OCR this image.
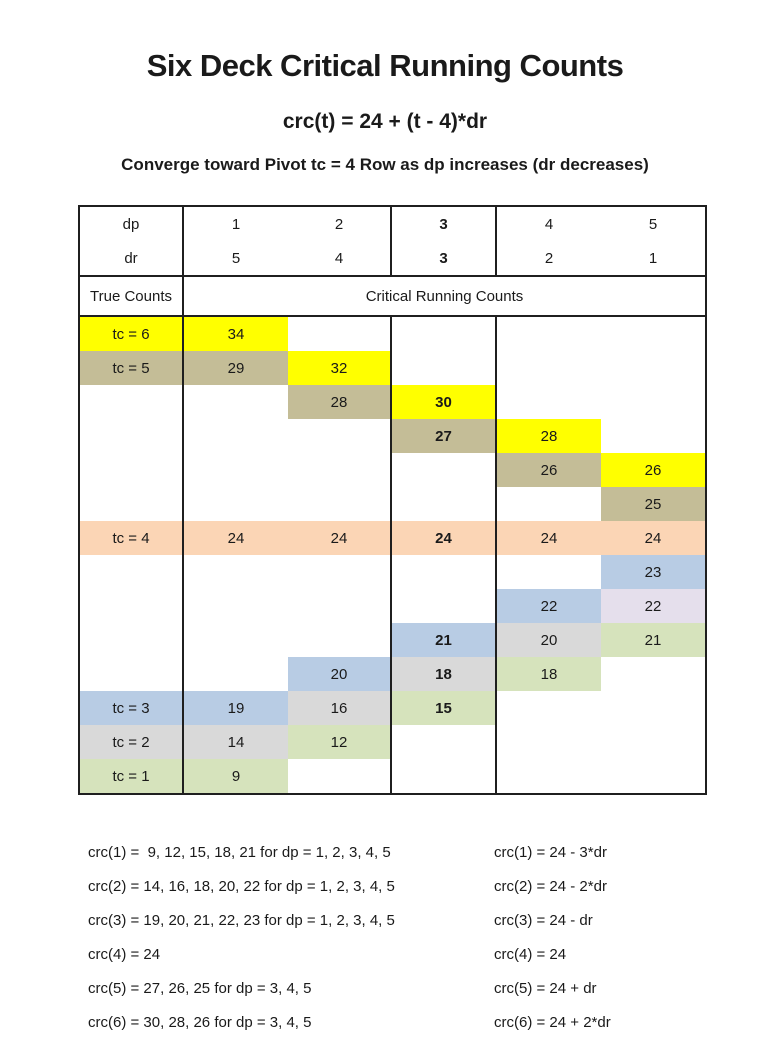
Six Deck Critical Running Counts
crc(t) = 24 + (t - 4)*dr
Converge toward Pivot tc = 4 Row as dp increases (dr decreases)
dp	1	2	3	4	5
dr	5	4	3	2	1
True Counts	Critical Running Counts				
tc = 6	34				
tc = 5	29	32			
		28	30		
			27	28	
				26	26
					25
tc = 4	24	24	24	24	24
					23
				22	22
			21	20	21
		20	18	18	
tc = 3	19	16	15		
tc = 2	14	12			
tc = 1	9				
crc(1) =  9, 12, 15, 18, 21 for dp = 1, 2, 3, 4, 5	crc(1) = 24 - 3*dr
crc(2) = 14, 16, 18, 20, 22 for dp = 1, 2, 3, 4, 5	crc(2) = 24 - 2*dr
crc(3) = 19, 20, 21, 22, 23 for dp = 1, 2, 3, 4, 5	crc(3) = 24 - dr
crc(4) = 24	crc(4) = 24
crc(5) = 27, 26, 25 for dp = 3, 4, 5	crc(5) = 24 + dr
crc(6) = 30, 28, 26 for dp = 3, 4, 5	crc(6) = 24 + 2*dr
